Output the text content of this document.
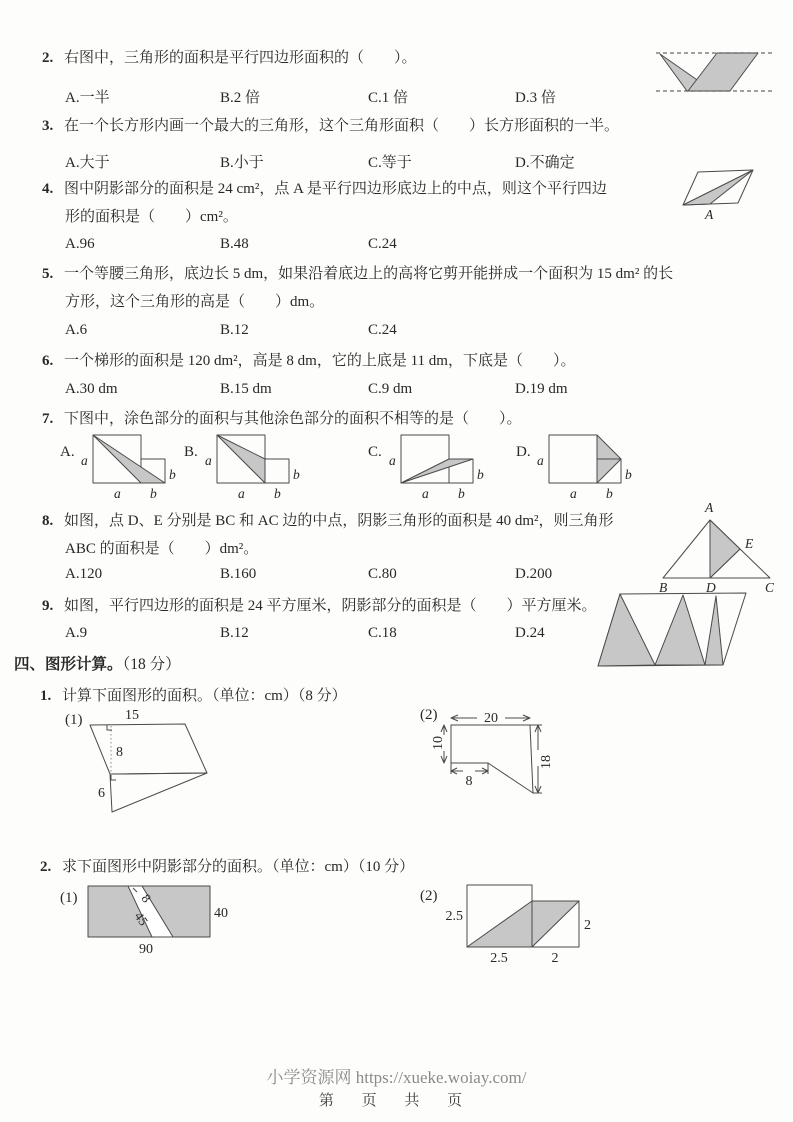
2. 右图中，三角形的面积是平行四边形面积的（　　）。
A.一半	B.2 倍	C.1 倍	D.3 倍
3. 在一个长方形内画一个最大的三角形，这个三角形面积（　　）长方形面积的一半。
A.大于	B.小于	C.等于	D.不确定
4. 图中阴影部分的面积是 24 cm²，点 A 是平行四边形底边上的中点，则这个平行四边
形的面积是（　　）cm²。
A.96	B.48	C.24
A
5. 一个等腰三角形，底边长 5 dm，如果沿着底边上的高将它剪开能拼成一个面积为 15 dm² 的长
方形，这个三角形的高是（　　）dm。
A.6	B.12	C.24
6. 一个梯形的面积是 120 dm²，高是 8 dm，它的上底是 11 dm，下底是（　　）。
A.30 dm	B.15 dm	C.9 dm	D.19 dm
7. 下图中，涂色部分的面积与其他涂色部分的面积不相等的是（　　）。
A.
a
b
a b
B.
a
b
a b
C.
a
b
a b
D.
a
b
a b
8. 如图，点 D、E 分别是 BC 和 AC 边的中点，阴影三角形的面积是 40 dm²，则三角形
ABC 的面积是（　　）dm²。
A.120	B.160	C.80	D.200
A
B	D	C
E
9. 如图，平行四边形的面积是 24 平方厘米，阴影部分的面积是（　　）平方厘米。
A.9	B.12	C.18	D.24
四、图形计算。（18 分）
1. 计算下面图形的面积。（单位：cm）（8 分）
(1)	15
8
6
(2)	20
10
8
18
2. 求下面图形中阴影部分的面积。（单位：cm）（10 分）
(1)	8
45	40
90
(2)
2.5
2
2.5	2
小学资源网 https://xueke.woiay.com/
第 页 共 页
